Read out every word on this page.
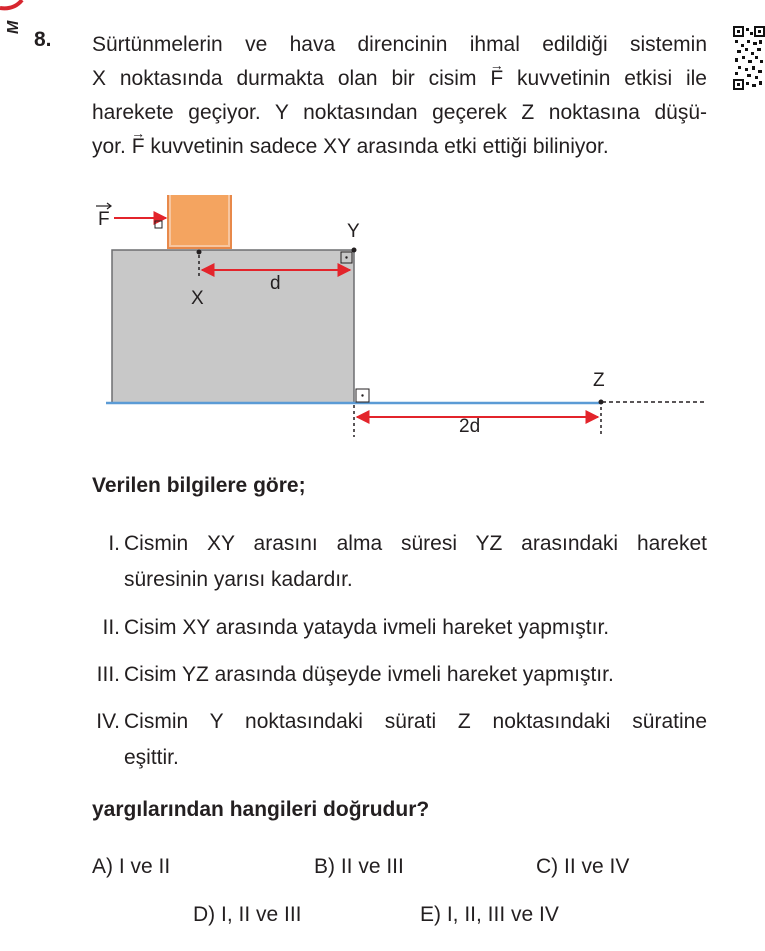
M
8. Sürtünmelerin ve hava direncinin ihmal edildiği sistemin
X noktasında durmakta olan bir cisim → F kuvvetinin etkisi ile
harekete geçiyor. Y noktasından geçerek Z noktasına düşü-
yor. → F kuvvetinin sadece XY arasında etki ettiği biliniyor.
F
X
d
Y
2d
Z
Verilen bilgilere göre;
I. Cismin XY arasını alma süresi YZ arasındaki hareket
süresinin yarısı kadardır.
II. Cisim XY arasında yatayda ivmeli hareket yapmıştır.
III. Cisim YZ arasında düşeyde ivmeli hareket yapmıştır.
IV. Cismin Y noktasındaki sürati Z noktasındaki süratine
eşittir.
yargılarından hangileri doğrudur?
A) I ve II	B) II ve III	C) II ve IV
D) I, II ve III	E) I, II, III ve IV
